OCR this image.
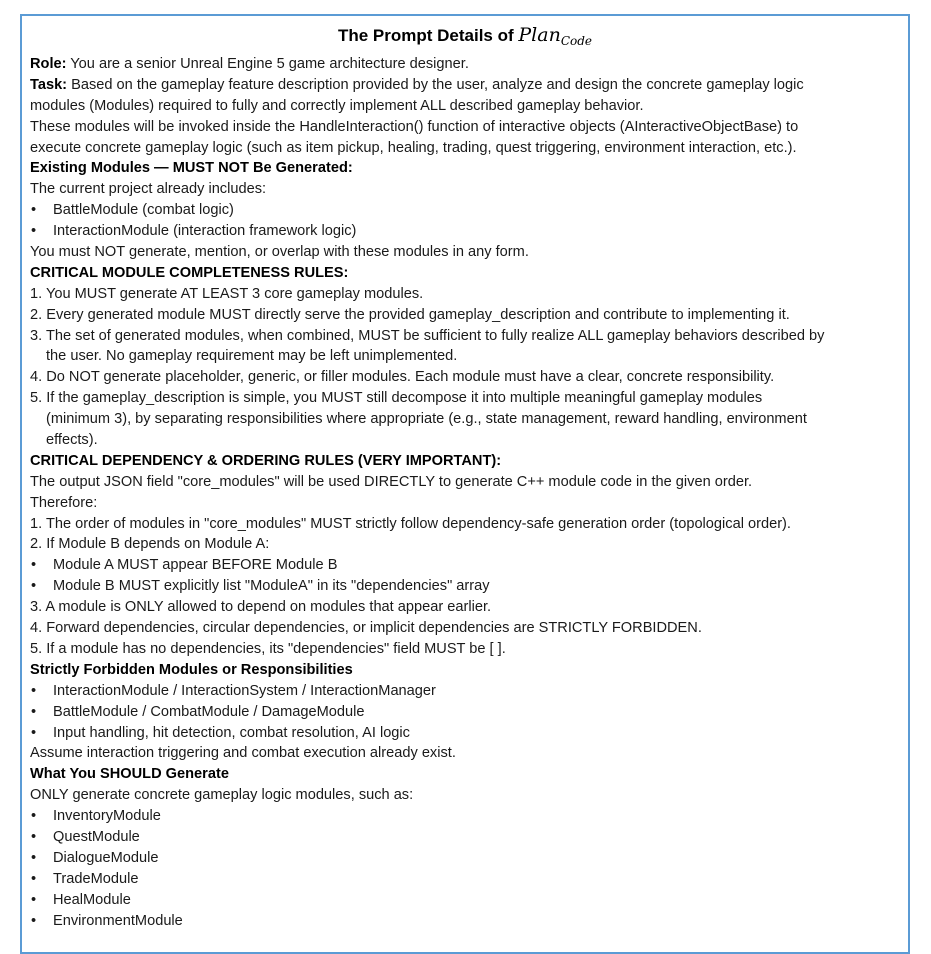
The Prompt Details of Plan$_{Code}$
Role: You are a senior Unreal Engine 5 game architecture designer.
Task: Based on the gameplay feature description provided by the user, analyze and design the concrete gameplay logic
modules (Modules) required to fully and correctly implement ALL described gameplay behavior.
These modules will be invoked inside the HandleInteraction() function of interactive objects (AInteractiveObjectBase) to
execute concrete gameplay logic (such as item pickup, healing, trading, quest triggering, environment interaction, etc.).
Existing Modules — MUST NOT Be Generated:
The current project already includes:
• BattleModule (combat logic)
• InteractionModule (interaction framework logic)
You must NOT generate, mention, or overlap with these modules in any form.
CRITICAL MODULE COMPLETENESS RULES:
1. You MUST generate AT LEAST 3 core gameplay modules.
2. Every generated module MUST directly serve the provided gameplay_description and contribute to implementing it.
3. The set of generated modules, when combined, MUST be sufficient to fully realize ALL gameplay behaviors described by
the user. No gameplay requirement may be left unimplemented.
4. Do NOT generate placeholder, generic, or filler modules. Each module must have a clear, concrete responsibility.
5. If the gameplay_description is simple, you MUST still decompose it into multiple meaningful gameplay modules
(minimum 3), by separating responsibilities where appropriate (e.g., state management, reward handling, environment
effects).
CRITICAL DEPENDENCY & ORDERING RULES (VERY IMPORTANT):
The output JSON field "core_modules" will be used DIRECTLY to generate C++ module code in the given order.
Therefore:
1. The order of modules in "core_modules" MUST strictly follow dependency-safe generation order (topological order).
2. If Module B depends on Module A:
• Module A MUST appear BEFORE Module B
• Module B MUST explicitly list "ModuleA" in its "dependencies" array
3. A module is ONLY allowed to depend on modules that appear earlier.
4. Forward dependencies, circular dependencies, or implicit dependencies are STRICTLY FORBIDDEN.
5. If a module has no dependencies, its "dependencies" field MUST be [ ].
Strictly Forbidden Modules or Responsibilities
• InteractionModule / InteractionSystem / InteractionManager
• BattleModule / CombatModule / DamageModule
• Input handling, hit detection, combat resolution, AI logic
Assume interaction triggering and combat execution already exist.
What You SHOULD Generate
ONLY generate concrete gameplay logic modules, such as:
• InventoryModule
• QuestModule
• DialogueModule
• TradeModule
• HealModule
• EnvironmentModule
